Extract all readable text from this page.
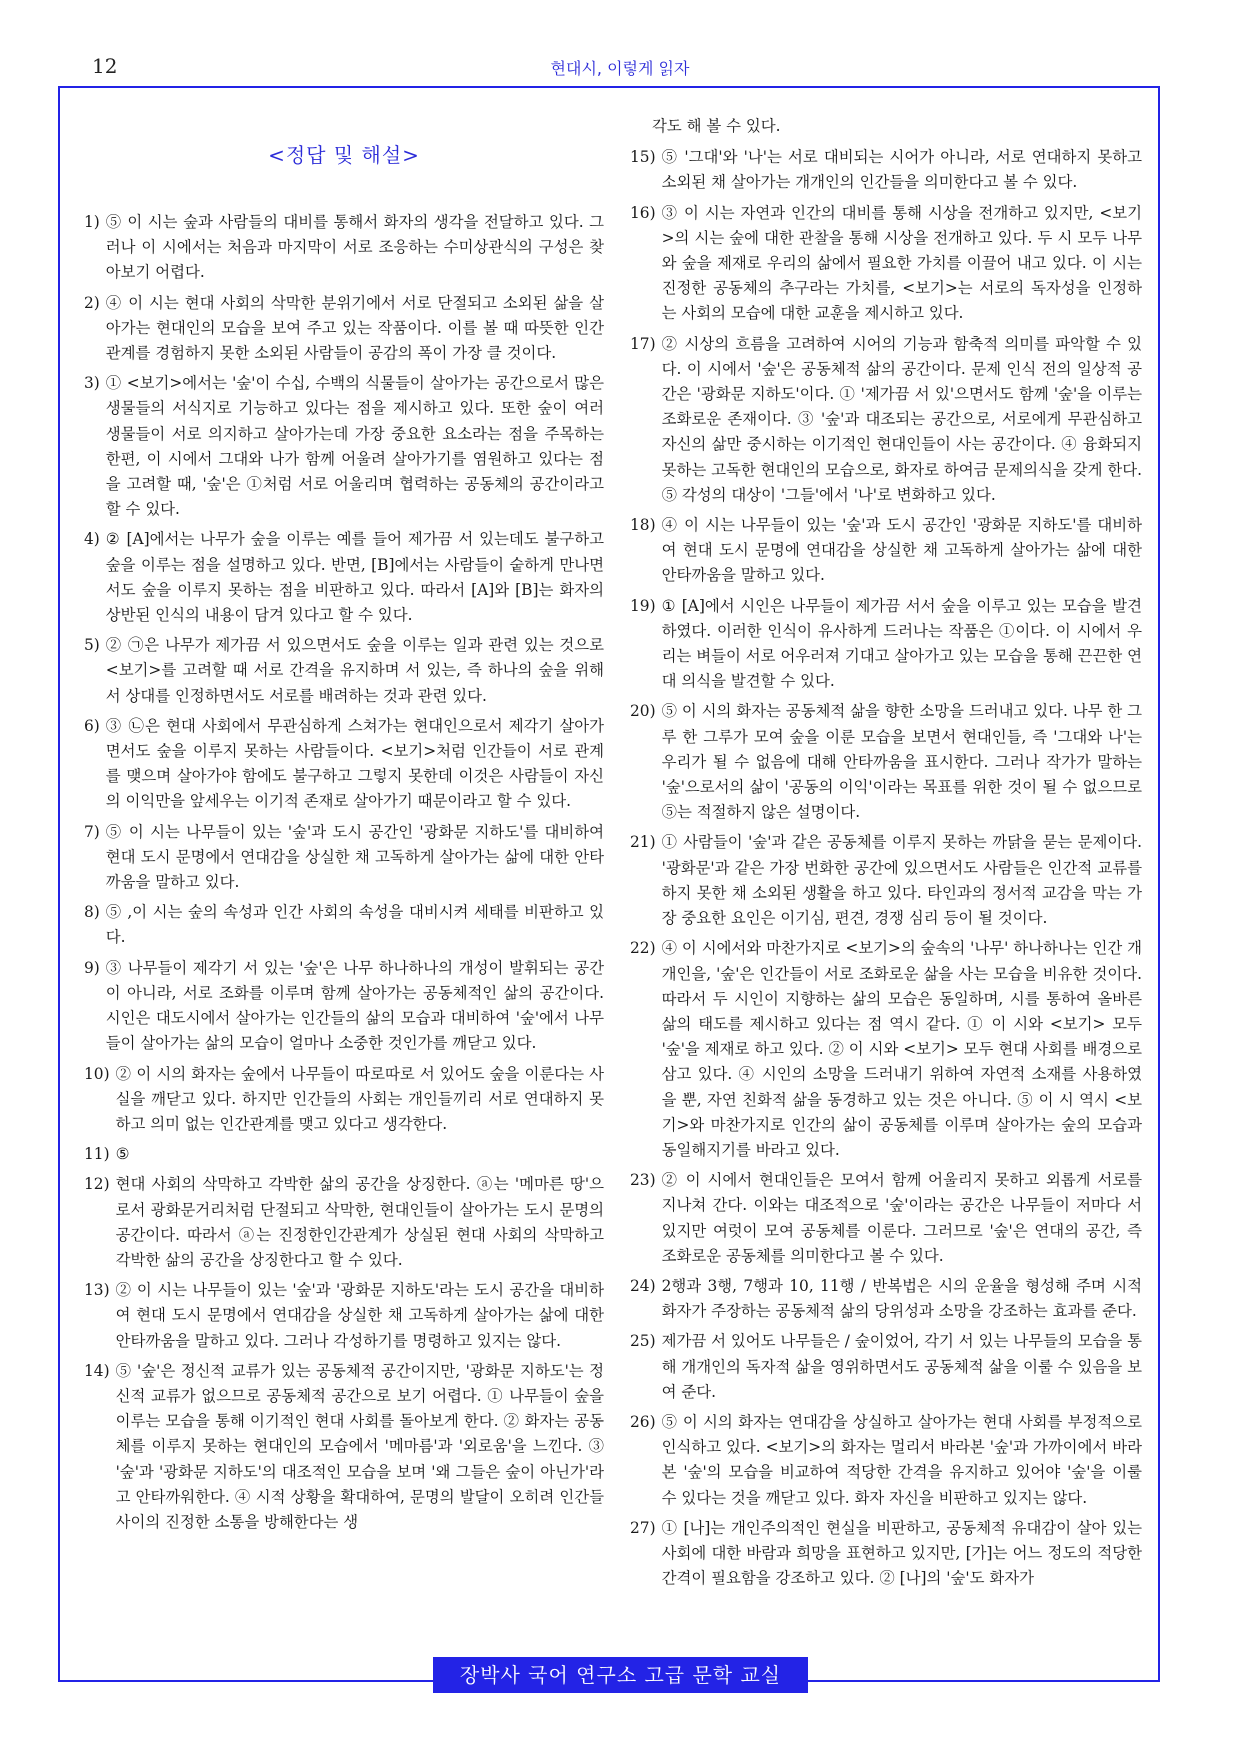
12	현대시, 이렇게 읽자
<정답 및 해설>
1) ⑤ 이 시는 숲과 사람들의 대비를 통해서 화자의 생각을 전달하고 있다. 그러나 이 시에서는 처음과 마지막이 서로 조응하는 수미상관식의 구성은 찾아보기 어렵다.
2) ④ 이 시는 현대 사회의 삭막한 분위기에서 서로 단절되고 소외된 삶을 살아가는 현대인의 모습을 보여 주고 있는 작품이다. 이를 볼 때 따뜻한 인간관계를 경험하지 못한 소외된 사람들이 공감의 폭이 가장 클 것이다.
3) ① <보기>에서는 '숲'이 수십, 수백의 식물들이 살아가는 공간으로서 많은 생물들의 서식지로 기능하고 있다는 점을 제시하고 있다. 또한 숲이 여러 생물들이 서로 의지하고 살아가는데 가장 중요한 요소라는 점을 주목하는 한편, 이 시에서 그대와 나가 함께 어울려 살아가기를 염원하고 있다는 점을 고려할 때, '숲'은 ①처럼 서로 어울리며 협력하는 공동체의 공간이라고 할 수 있다.
4) ② [A]에서는 나무가 숲을 이루는 예를 들어 제가끔 서 있는데도 불구하고 숲을 이루는 점을 설명하고 있다. 반면, [B]에서는 사람들이 숱하게 만나면서도 숲을 이루지 못하는 점을 비판하고 있다. 따라서 [A]와 [B]는 화자의 상반된 인식의 내용이 담겨 있다고 할 수 있다.
5) ② ㉠은 나무가 제가끔 서 있으면서도 숲을 이루는 일과 관련 있는 것으로 <보기>를 고려할 때 서로 간격을 유지하며 서 있는, 즉 하나의 숲을 위해서 상대를 인정하면서도 서로를 배려하는 것과 관련 있다.
6) ③ ㉡은 현대 사회에서 무관심하게 스쳐가는 현대인으로서 제각기 살아가면서도 숲을 이루지 못하는 사람들이다. <보기>처럼 인간들이 서로 관계를 맺으며 살아가야 함에도 불구하고 그렇지 못한데 이것은 사람들이 자신의 이익만을 앞세우는 이기적 존재로 살아가기 때문이라고 할 수 있다.
7) ⑤ 이 시는 나무들이 있는 '숲'과 도시 공간인 '광화문 지하도'를 대비하여 현대 도시 문명에서 연대감을 상실한 채 고독하게 살아가는 삶에 대한 안타까움을 말하고 있다.
8) ⑤ ,이 시는 숲의 속성과 인간 사회의 속성을 대비시켜 세태를 비판하고 있다.
9) ③ 나무들이 제각기 서 있는 '숲'은 나무 하나하나의 개성이 발휘되는 공간이 아니라, 서로 조화를 이루며 함께 살아가는 공동체적인 삶의 공간이다. 시인은 대도시에서 살아가는 인간들의 삶의 모습과 대비하여 '숲'에서 나무들이 살아가는 삶의 모습이 얼마나 소중한 것인가를 깨닫고 있다.
10) ② 이 시의 화자는 숲에서 나무들이 따로따로 서 있어도 숲을 이룬다는 사실을 깨닫고 있다. 하지만 인간들의 사회는 개인들끼리 서로 연대하지 못하고 의미 없는 인간관계를 맺고 있다고 생각한다.
11) ⑤
12) 현대 사회의 삭막하고 각박한 삶의 공간을 상징한다. ⓐ는 '메마른 땅'으로서 광화문거리처럼 단절되고 삭막한, 현대인들이 살아가는 도시 문명의 공간이다. 따라서 ⓐ는 진정한인간관계가 상실된 현대 사회의 삭막하고 각박한 삶의 공간을 상징한다고 할 수 있다.
13) ② 이 시는 나무들이 있는 '숲'과 '광화문 지하도'라는 도시 공간을 대비하여 현대 도시 문명에서 연대감을 상실한 채 고독하게 살아가는 삶에 대한 안타까움을 말하고 있다. 그러나 각성하기를 명령하고 있지는 않다.
14) ⑤ '숲'은 정신적 교류가 있는 공동체적 공간이지만, '광화문 지하도'는 정신적 교류가 없으므로 공동체적 공간으로 보기 어렵다. ① 나무들이 숲을 이루는 모습을 통해 이기적인 현대 사회를 돌아보게 한다. ② 화자는 공동체를 이루지 못하는 현대인의 모습에서 '메마름'과 '외로움'을 느낀다. ③ '숲'과 '광화문 지하도'의 대조적인 모습을 보며 '왜 그들은 숲이 아닌가'라고 안타까워한다. ④ 시적 상황을 확대하여, 문명의 발달이 오히려 인간들 사이의 진정한 소통을 방해한다는 생
각도 해 볼 수 있다.
15) ⑤ '그대'와 '나'는 서로 대비되는 시어가 아니라, 서로 연대하지 못하고 소외된 채 살아가는 개개인의 인간들을 의미한다고 볼 수 있다.
16) ③ 이 시는 자연과 인간의 대비를 통해 시상을 전개하고 있지만, <보기>의 시는 숲에 대한 관찰을 통해 시상을 전개하고 있다. 두 시 모두 나무와 숲을 제재로 우리의 삶에서 필요한 가치를 이끌어 내고 있다. 이 시는 진정한 공동체의 추구라는 가치를, <보기>는 서로의 독자성을 인정하는 사회의 모습에 대한 교훈을 제시하고 있다.
17) ② 시상의 흐름을 고려하여 시어의 기능과 함축적 의미를 파악할 수 있다. 이 시에서 '숲'은 공동체적 삶의 공간이다. 문제 인식 전의 일상적 공간은 '광화문 지하도'이다. ① '제가끔 서 있'으면서도 함께 '숲'을 이루는 조화로운 존재이다. ③ '숲'과 대조되는 공간으로, 서로에게 무관심하고 자신의 삶만 중시하는 이기적인 현대인들이 사는 공간이다. ④ 융화되지 못하는 고독한 현대인의 모습으로, 화자로 하여금 문제의식을 갖게 한다. ⑤ 각성의 대상이 '그들'에서 '나'로 변화하고 있다.
18) ④ 이 시는 나무들이 있는 '숲'과 도시 공간인 '광화문 지하도'를 대비하여 현대 도시 문명에 연대감을 상실한 채 고독하게 살아가는 삶에 대한 안타까움을 말하고 있다.
19) ① [A]에서 시인은 나무들이 제가끔 서서 숲을 이루고 있는 모습을 발견하였다. 이러한 인식이 유사하게 드러나는 작품은 ①이다. 이 시에서 우리는 벼들이 서로 어우러져 기대고 살아가고 있는 모습을 통해 끈끈한 연대 의식을 발견할 수 있다.
20) ⑤ 이 시의 화자는 공동체적 삶을 향한 소망을 드러내고 있다. 나무 한 그루 한 그루가 모여 숲을 이룬 모습을 보면서 현대인들, 즉 '그대와 나'는 우리가 될 수 없음에 대해 안타까움을 표시한다. 그러나 작가가 말하는 '숲'으로서의 삶이 '공동의 이익'이라는 목표를 위한 것이 될 수 없으므로 ⑤는 적절하지 않은 설명이다.
21) ① 사람들이 '숲'과 같은 공동체를 이루지 못하는 까닭을 묻는 문제이다. '광화문'과 같은 가장 번화한 공간에 있으면서도 사람들은 인간적 교류를 하지 못한 채 소외된 생활을 하고 있다. 타인과의 정서적 교감을 막는 가장 중요한 요인은 이기심, 편견, 경쟁 심리 등이 될 것이다.
22) ④ 이 시에서와 마찬가지로 <보기>의 숲속의 '나무' 하나하나는 인간 개개인을, '숲'은 인간들이 서로 조화로운 삶을 사는 모습을 비유한 것이다. 따라서 두 시인이 지향하는 삶의 모습은 동일하며, 시를 통하여 올바른 삶의 태도를 제시하고 있다는 점 역시 같다. ① 이 시와 <보기> 모두 '숲'을 제재로 하고 있다. ② 이 시와 <보기> 모두 현대 사회를 배경으로 삼고 있다. ④ 시인의 소망을 드러내기 위하여 자연적 소재를 사용하였을 뿐, 자연 친화적 삶을 동경하고 있는 것은 아니다. ⑤ 이 시 역시 <보기>와 마찬가지로 인간의 삶이 공동체를 이루며 살아가는 숲의 모습과 동일해지기를 바라고 있다.
23) ② 이 시에서 현대인들은 모여서 함께 어울리지 못하고 외롭게 서로를 지나쳐 간다. 이와는 대조적으로 '숲'이라는 공간은 나무들이 저마다 서 있지만 여럿이 모여 공동체를 이룬다. 그러므로 '숲'은 연대의 공간, 즉 조화로운 공동체를 의미한다고 볼 수 있다.
24) 2행과 3행, 7행과 10, 11행 / 반복법은 시의 운율을 형성해 주며 시적 화자가 주장하는 공동체적 삶의 당위성과 소망을 강조하는 효과를 준다.
25) 제가끔 서 있어도 나무들은 / 숲이었어, 각기 서 있는 나무들의 모습을 통해 개개인의 독자적 삶을 영위하면서도 공동체적 삶을 이룰 수 있음을 보여 준다.
26) ⑤ 이 시의 화자는 연대감을 상실하고 살아가는 현대 사회를 부정적으로 인식하고 있다. <보기>의 화자는 멀리서 바라본 '숲'과 가까이에서 바라본 '숲'의 모습을 비교하여 적당한 간격을 유지하고 있어야 '숲'을 이룰 수 있다는 것을 깨닫고 있다. 화자 자신을 비판하고 있지는 않다.
27) ① [나]는 개인주의적인 현실을 비판하고, 공동체적 유대감이 살아 있는 사회에 대한 바람과 희망을 표현하고 있지만, [가]는 어느 정도의 적당한 간격이 필요함을 강조하고 있다. ② [나]의 '숲'도 화자가
장박사 국어 연구소 고급 문학 교실
